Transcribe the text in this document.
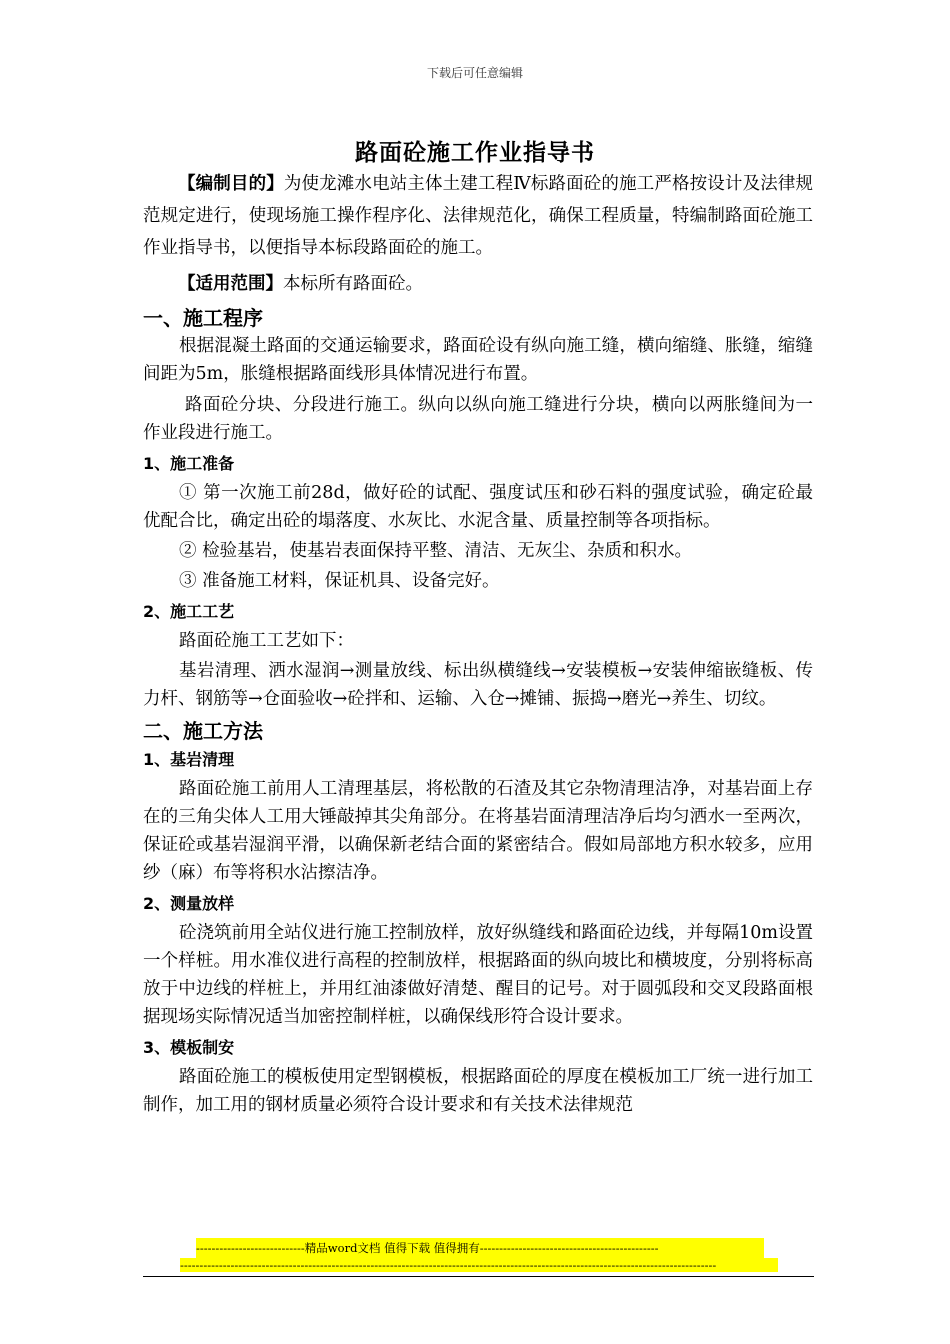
下载后可任意编辑
路面砼施工作业指导书

【编制目的】为使龙滩水电站主体土建工程Ⅳ标路面砼的施工严格按设计及法律规范规定进行，使现场施工操作程序化、法律规范化，确保工程质量，特编制路面砼施工作业指导书，以便指导本标段路面砼的施工。

【适用范围】本标所有路面砼。

一、施工程序

根据混凝土路面的交通运输要求，路面砼设有纵向施工缝，横向缩缝、胀缝，缩缝间距为5m，胀缝根据路面线形具体情况进行布置。

路面砼分块、分段进行施工。纵向以纵向施工缝进行分块，横向以两胀缝间为一作业段进行施工。

1、施工准备

① 第一次施工前28d，做好砼的试配、强度试压和砂石料的强度试验，确定砼最优配合比，确定出砼的塌落度、水灰比、水泥含量、质量控制等各项指标。

② 检验基岩，使基岩表面保持平整、清洁、无灰尘、杂质和积水。

③ 准备施工材料，保证机具、设备完好。

2、施工工艺

路面砼施工工艺如下：

基岩清理、洒水湿润→测量放线、标出纵横缝线→安装模板→安装伸缩嵌缝板、传力杆、钢筋等→仓面验收→砼拌和、运输、入仓→摊铺、振捣→磨光→养生、切纹。

二、施工方法
1、基岩清理

路面砼施工前用人工清理基层，将松散的石渣及其它杂物清理洁净，对基岩面上存在的三角尖体人工用大锤敲掉其尖角部分。在将基岩面清理洁净后均匀洒水一至两次，保证砼或基岩湿润平滑，以确保新老结合面的紧密结合。假如局部地方积水较多，应用纱（麻）布等将积水沾擦洁净。

2、测量放样

砼浇筑前用全站仪进行施工控制放样，放好纵缝线和路面砼边线，并每隔10m设置一个样桩。用水准仪进行高程的控制放样，根据路面的纵向坡比和横坡度，分别将标高放于中边线的样桩上，并用红油漆做好清楚、醒目的记号。对于圆弧段和交叉段路面根据现场实际情况适当加密控制样桩，以确保线形符合设计要求。

3、模板制安

路面砼施工的模板使用定型钢模板，根据路面砼的厚度在模板加工厂统一进行加工制作，加工用的钢材质量必须符合设计要求和有关技术法律规范

----------------------------精品word文档 值得下载 值得拥有----------------------------------------------
------------------------------------------------------------------------------------------------------------------------------------------
